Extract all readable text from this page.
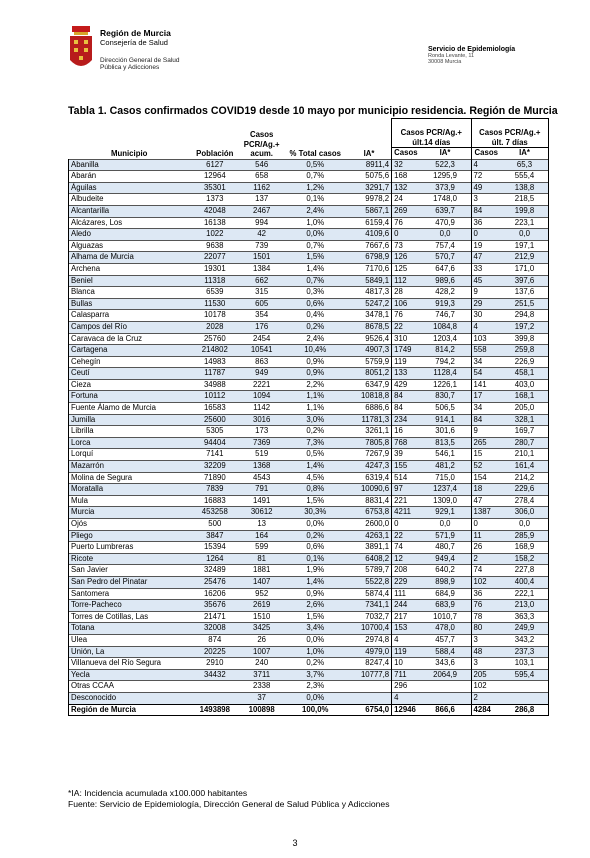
Región de Murcia
Consejería de Salud
Dirección General de Salud
Pública y Adicciones
Servicio de Epidemiología
Ronda Levante, 11
30008 Murcia
Tabla 1. Casos confirmados COVID19 desde 10 mayo por municipio residencia. Región de Murcia
Municipio	Población	Casos PCR/Ag.+ acum.	% Total casos	IA*	Casos PCR/Ag.+ últ.14 días		Casos PCR/Ag.+ últ. 7 días	
					Casos	IA*	Casos	IA*
Abanilla	6127	546	0,5%	8911,4	32	522,3	4	65,3
Abarán	12964	658	0,7%	5075,6	168	1295,9	72	555,4
Águilas	35301	1162	1,2%	3291,7	132	373,9	49	138,8
Albudeite	1373	137	0,1%	9978,2	24	1748,0	3	218,5
Alcantarilla	42048	2467	2,4%	5867,1	269	639,7	84	199,8
Alcázares, Los	16138	994	1,0%	6159,4	76	470,9	36	223,1
Aledo	1022	42	0,0%	4109,6	0	0,0	0	0,0
Alguazas	9638	739	0,7%	7667,6	73	757,4	19	197,1
Alhama de Murcia	22077	1501	1,5%	6798,9	126	570,7	47	212,9
Archena	19301	1384	1,4%	7170,6	125	647,6	33	171,0
Beniel	11318	662	0,7%	5849,1	112	989,6	45	397,6
Blanca	6539	315	0,3%	4817,3	28	428,2	9	137,6
Bullas	11530	605	0,6%	5247,2	106	919,3	29	251,5
Calasparra	10178	354	0,4%	3478,1	76	746,7	30	294,8
Campos del Río	2028	176	0,2%	8678,5	22	1084,8	4	197,2
Caravaca de la Cruz	25760	2454	2,4%	9526,4	310	1203,4	103	399,8
Cartagena	214802	10541	10,4%	4907,3	1749	814,2	558	259,8
Cehegín	14983	863	0,9%	5759,9	119	794,2	34	226,9
Ceutí	11787	949	0,9%	8051,2	133	1128,4	54	458,1
Cieza	34988	2221	2,2%	6347,9	429	1226,1	141	403,0
Fortuna	10112	1094	1,1%	10818,8	84	830,7	17	168,1
Fuente Álamo de Murcia	16583	1142	1,1%	6886,6	84	506,5	34	205,0
Jumilla	25600	3016	3,0%	11781,3	234	914,1	84	328,1
Librilla	5305	173	0,2%	3261,1	16	301,6	9	169,7
Lorca	94404	7369	7,3%	7805,8	768	813,5	265	280,7
Lorquí	7141	519	0,5%	7267,9	39	546,1	15	210,1
Mazarrón	32209	1368	1,4%	4247,3	155	481,2	52	161,4
Molina de Segura	71890	4543	4,5%	6319,4	514	715,0	154	214,2
Moratalla	7839	791	0,8%	10090,6	97	1237,4	18	229,6
Mula	16883	1491	1,5%	8831,4	221	1309,0	47	278,4
Murcia	453258	30612	30,3%	6753,8	4211	929,1	1387	306,0
Ojós	500	13	0,0%	2600,0	0	0,0	0	0,0
Pliego	3847	164	0,2%	4263,1	22	571,9	11	285,9
Puerto Lumbreras	15394	599	0,6%	3891,1	74	480,7	26	168,9
Ricote	1264	81	0,1%	6408,2	12	949,4	2	158,2
San Javier	32489	1881	1,9%	5789,7	208	640,2	74	227,8
San Pedro del Pinatar	25476	1407	1,4%	5522,8	229	898,9	102	400,4
Santomera	16206	952	0,9%	5874,4	111	684,9	36	222,1
Torre-Pacheco	35676	2619	2,6%	7341,1	244	683,9	76	213,0
Torres de Cotillas, Las	21471	1510	1,5%	7032,7	217	1010,7	78	363,3
Totana	32008	3425	3,4%	10700,4	153	478,0	80	249,9
Ulea	874	26	0,0%	2974,8	4	457,7	3	343,2
Unión, La	20225	1007	1,0%	4979,0	119	588,4	48	237,3
Villanueva del Río Segura	2910	240	0,2%	8247,4	10	343,6	3	103,1
Yecla	34432	3711	3,7%	10777,8	711	2064,9	205	595,4
Otras CCAA		2338	2,3%		296		102	
Desconocido		37	0,0%		4		2	
Región de Murcia	1493898	100898	100,0%	6754,0	12946	866,6	4284	286,8
*IA: Incidencia acumulada x100.000 habitantes
Fuente: Servicio de Epidemiología, Dirección General de Salud Pública y Adicciones
3
